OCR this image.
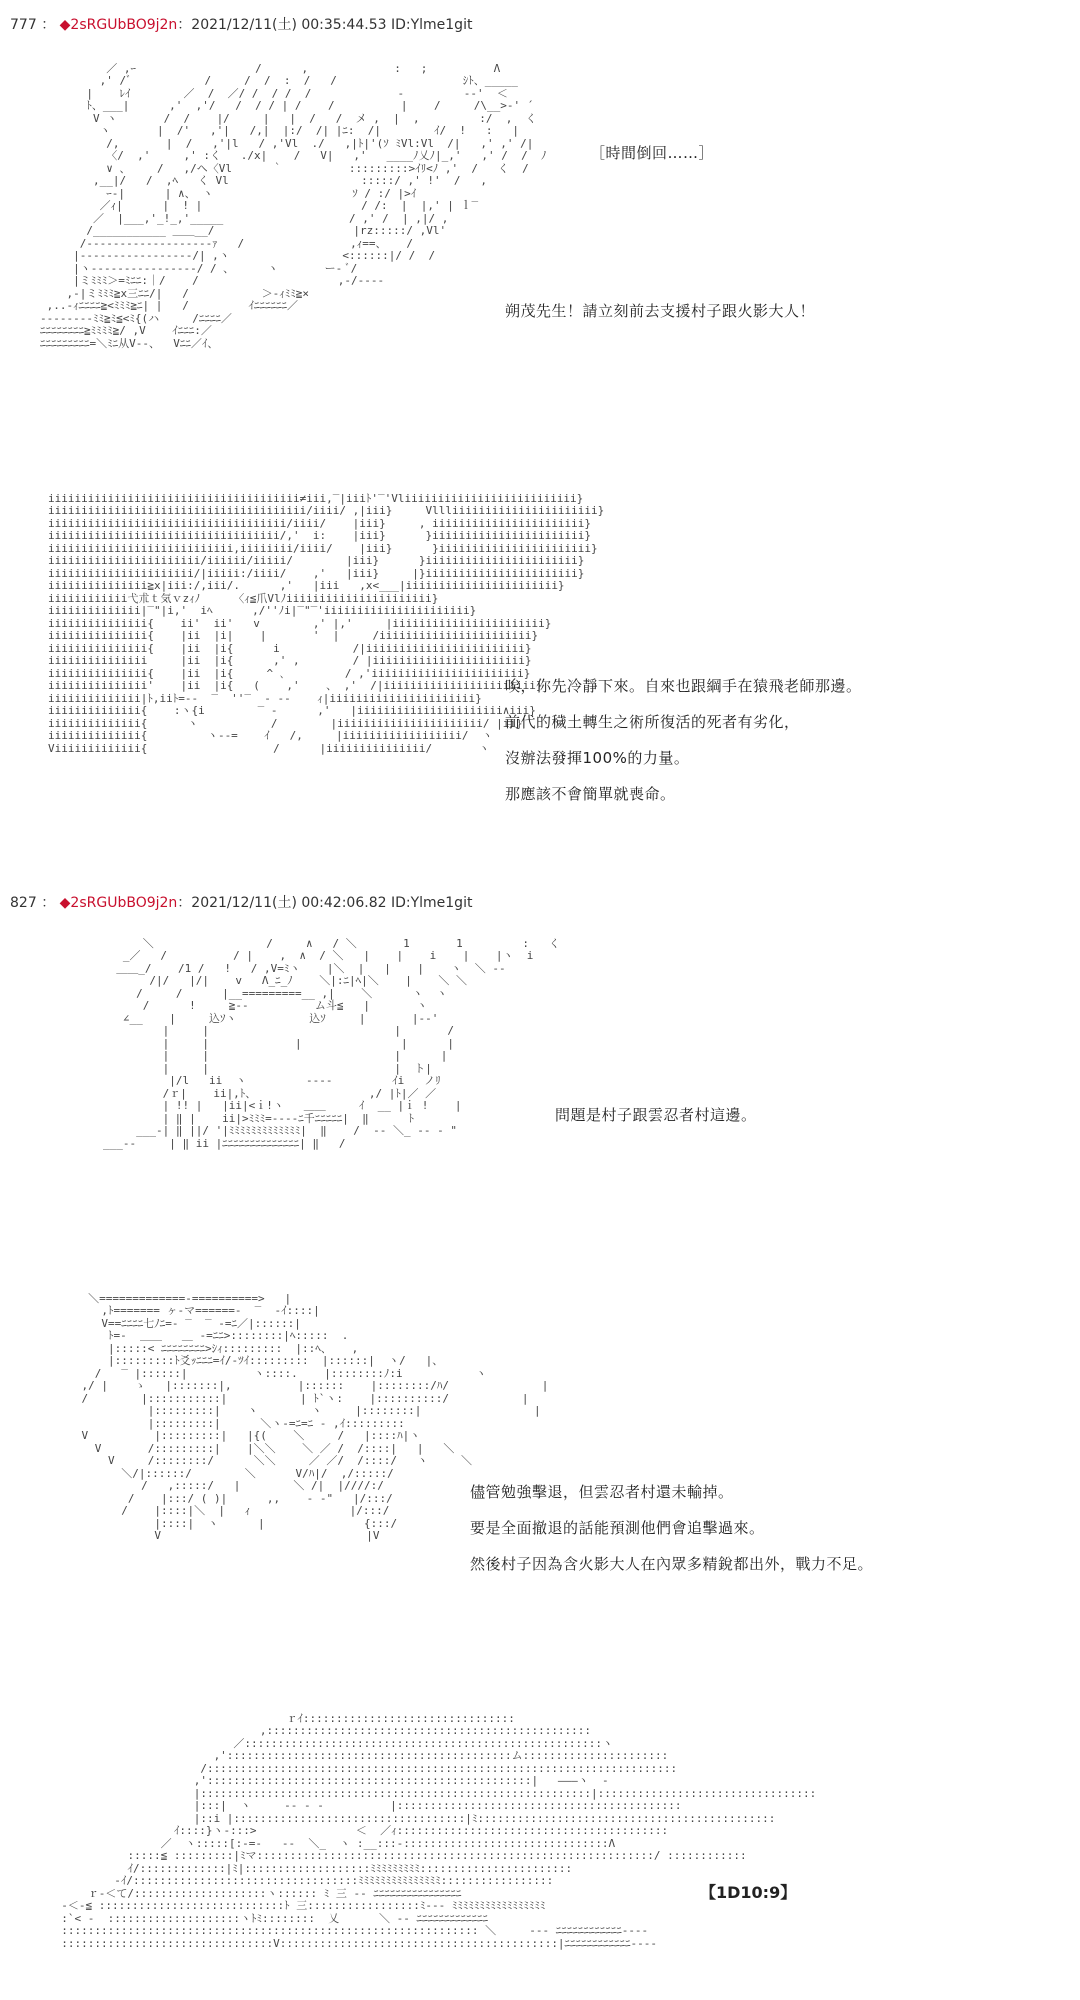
777 ： ◆2sRGUbBO9j2n：2021/12/11(土) 00:35:44.53 ID:Ylme1git

／ ,ｰ                  /      ,             :   ;          Λ
,' /ﾞ           /     /  /  :  /   /                   ｼﾄ、_____
|    ﾚｲ        ／  /  ／/ /  / /  /             -         ‐‐'  ＜
ﾄ、___|      ,'  ,'/   /  / / | /    /          |    /     /\__>-' ´
V ヽ       /  /    |/     |   |  /   /  メ ,  |  ,         :/  ,  く
ヽ       |  /'   ,'|   /,|  |:/  /| |ﾆ:  /|        ｲ/  !   :   |
/,       |  /   ,'|l   / ,'Vl  ./   ,|ﾄ|'(ｿ ﾐVl:Vl  /|   ,' ,' /|
〈/  ,'     ,' :く   ./x|    /   V|   ,'   ____ﾉ乂ﾉ|_,'   ,' /  /  ﾉ
∨ 、    /   ,/ヘ〈Vl      ｀          :::::::::>ｲﾘ<ﾉ ,'  /   く  /
,__|/   /  ,ﾍ   く Vl                    :::::/ ,' !'  /   ,
ｰ-|      | ∧、 ヽ                     ｿ / :/ |>ｲ
／ｨ|      |  ! |                        / /:  |  |,' | ｌ‾
／  |___,'_!_,'_____                   / ,' /  | ,|/ ,
/___________ ＿＿__/                     |rz:::::/ ,Vl'
/‐‐‐‐‐‐‐‐‐‐‐‐‐‐‐‐‐‐‐ｧ   /                ,ｨ==、   /
|‐‐‐‐‐‐‐‐‐‐‐‐‐‐‐‐‐/| ,ヽ                 <::::::|/ /  /
|ヽ‐‐‐‐‐‐‐‐‐‐‐‐‐‐‐‐/ / 、     ヽ       ー‐ ﾞ/
|ミﾐﾐﾐ＞=ﾐﾆﾆ:｜/    /                     ,‐/‐‐‐‐
,-|ミﾐﾐﾐ≧x三ﾆﾆ/|   /           ＞-ｨﾐﾐ≧×
,..-ｨﾆﾆﾆﾆ≧<ﾐﾐﾐ≧ﾆ| |   /         ｲﾆﾆﾆﾆﾆﾆ／
‐‐‐‐‐‐‐‐ﾐﾐ≧ﾐ≦<ﾐ{(ハ     /ﾆﾆﾆﾆ／
ﾆﾆﾆﾆﾆﾆﾆﾆ≧ﾐﾐﾐﾐ≧/ ,V    ｲﾆﾆﾆ:／
ﾆﾆﾆﾆﾆﾆﾆﾆﾆ=＼ﾐﾆ从V‐-、  Vﾆﾆ／ｲ、

［時間倒回……］
朔茂先生！請立刻前去支援村子跟火影大人！

iiiiiiiiiiiiiiiiiiiiiiiiiiiiiiiiiiiiii≠iii,‾|iiiﾄ'‾'Vliiiiiiiiiiiiiiiiiiiiiiiiii}
iiiiiiiiiiiiiiiiiiiiiiiiiiiiiiiiiiiiiii/iiii/ ,|iii}     Vllliiiiiiiiiiiiiiiiiiiiii}
iiiiiiiiiiiiiiiiiiiiiiiiiiiiiiiiiiii/iiii/    |iii}     , iiiiiiiiiiiiiiiiiiiiiii}
iiiiiiiiiiiiiiiiiiiiiiiiiiiiiiiiiii/,'  i:    |iii}      }iiiiiiiiiiiiiiiiiiiiiii}
iiiiiiiiiiiiiiiiiiiiiiiiiiii,iiiiiiii/iiii/    |iii}      }iiiiiiiiiiiiiiiiiiiiiii}
iiiiiiiiiiiiiiiiiiiiiii/iiiiii/iiiii/        |iii}      }iiiiiiiiiiiiiiiiiiiiiii}
iiiiiiiiiiiiiiiiiiiiii/|iiiii:/iiii/    ,'   |iii}     |}iiiiiiiiiiiiiiiiiiiiiii}
iiiiiiiiiiiiiii≧x|iii:/,iii/.      ,'   |iii   ,x<___|iiiiiiiiiiiiiiiiiiiiiii}
iiiiiiiiiiii弋朮ｔ気ｖzｨﾉ     〈ｨ≦爪Vlﾉiiiiiiiiiiiiiiiiiiiiii}
iiiiiiiiiiiiii|‾"|i,'  iﾍ      ,/''ﾉi|‾"‾'iiiiiiiiiiiiiiiiiiiiii}
iiiiiiiiiiiiiii{    ii'  ii'   v        ,' |,'     |iiiiiiiiiiiiiiiiiiiiiii}
iiiiiiiiiiiiiii{    |ii  |i|    |       '  |     /iiiiiiiiiiiiiiiiiiiiiii}
iiiiiiiiiiiiiii{    |ii  |i{      i           /|iiiiiiiiiiiiiiiiiiiiiiii}
iiiiiiiiiiiiiii     |ii  |i{      ,' ,        / |iiiiiiiiiiiiiiiiiiiiiii}
iiiiiiiiiiiiiii{    |ii  |i{     ^ ､         / ,'iiiiiiiiiiiiiiiiiiiiiii}
iiiiiiiiiiiiiii'    |ii  |i{   (    ,'    、 ,'  /|iiiiiiiiiiiiiiiiiiiiiii}
iiiiiiiiiiiiii|ﾄ,iiﾄ=‐‐  ‾  ''‾  ‐ ‐-    ｨ|iiiiiiiiiiiiiiiiiiiiii}
iiiiiiiiiiiiii{    :ヽ{i        ‾ ‐      ,'   |iiiiiiiiiiiiiiiiiiiiii∧iii}
iiiiiiiiiiiiii{      ヽ           /        |iiiiiiiiiiiiiiiiiiiiii/ |ii}
iiiiiiiiiiiiii{         ヽ--=    ｲ   /,     |iiiiiiiiiiiiiiiiii/  ヽ
Viiiiiiiiiiiii{                   /      |iiiiiiiiiiiiiii/       ヽ

唉，你先冷靜下來。自來也跟綱手在猿飛老師那邊。
前代的穢土轉生之術所復活的死者有劣化，
沒辦法發揮100%的力量。
那應該不會簡單就喪命。
827 ： ◆2sRGUbBO9j2n：2021/12/11(土) 00:42:06.82 ID:Ylme1git

＼                 /     ∧   / ＼       1       1         :   く
_／   /          / |    ,  ∧  / ＼   |    |    i    |    |ヽ  i
＿＿_/    /1 /   !   / ,V=ﾐヽ    |＼  |   |    |    ヽ  ＼ ‐‐
/|/   |/|    v   Λ_ﾆ_ﾉ    ＼|:ﾆ|ﾍ|＼    |    ＼ ＼
/     /      |__=========__ ,|    ＼      ヽ  ヽ
/      !     ≧‐‐          ム斗≦   |       ヽ
∠__    |     込ｿヽ           込ｿ     |       |‐‐'
|     |                            |       /
|     |             |               |      |
|     |                            |      |
|     |                            |  ト|
|/l   ii  ヽ         ‐‐‐‐         ｲi   ノﾘ
/ｒ|    ii|,ﾄ、                 ,/ |ﾄ|／ ／
| !! |   |ii|<ｉ!ヽ   ＿＿     ｲ  __ |ｉ !    |
| ‖ |    ii|>ﾐﾐﾐ=‐‐‐‐ﾆ千ﾆﾆﾆﾆﾆ|  ‖      ﾄ
___-| ‖ ||/ '|ﾐﾐﾐﾐﾐﾐﾐﾐﾐﾐﾐﾐﾐ|  ‖    /  ‐‐ ＼_ ‐‐ ‐ "
___--     | ‖ ii |ﾆﾆﾆﾆﾆﾆﾆﾆﾆﾆﾆﾆﾆﾆ| ‖   /

問題是村子跟雲忍者村這邊。

＼=============-==========>   |
,ﾄ======= ヶ-マ======-  ‾  ‐ｲ::::|
V==ﾆﾆﾆﾆ七ﾉﾆ=- ‾  ‾ ‐=ﾆ／|::::::|
ﾄ=-  ＿＿   ＿ -=ﾆﾆ>::::::::|ﾍ:::::  .
|:::::< ﾆﾆﾆﾆﾆﾆﾆﾆ>ｼｨ:::::::::  |::ﾍ、   ,
|:::::::::ﾄ爻ｯﾆﾆﾆ=ｲ/-ﾂｲ:::::::::  |::::::|  ヽ/   |、
/   ‾ |::::::|          ヽ::::.    |::::::::ﾉ:i           ヽ
,/ |    ゝ   |:::::::|,          |::::::    |::::::::/ﾊ/              |
/        |:::::::::::|           | ﾄ`ヽ:    |::::::::::/           |
|:::::::::|    ヽ        ヽ     |::::::::|                 |
|:::::::::|      ＼ヽ-=ﾆ=ﾆ - ,ｲ:::::::::
V          |:::::::::|   |{(    ＼     /   |::::ﾊ|ヽ
V       /:::::::::|    |＼＼    ＼ ／ /  /::::|   |   ＼
V     /::::::::/      ＼＼     ／ ／/  /::::/   ヽ     ＼
＼/|::::::/        ＼      V/ﾊ|/  ,/:::::/
/   ,:::::/   |        ＼ /|  |////:/
/    |:::/ ( )|      ,,    ‐ ‐"   |/:::/
/    |::::|＼  |   ｨ               |/:::/
|::::|  ヽ      |               {:::/
V                               |V

儘管勉強擊退，但雲忍者村還未輸掉。
要是全面撤退的話能預測他們會追擊過來。
然後村子因為含火影大人在內眾多精銳都出外，戰力不足。

ｒｲ::::::::::::::::::::::::::::::::
,:::::::::::::::::::::::::::::::::::::::::::::::::
／::::::::::::::::::::::::::::::::::::::::::::::::::::::ヽ
,':::::::::::::::::::::::::::::::::::::::::::ム::::::::::::::::::::::
/:::::::::::::::::::::::::::::::::::::::::::::::::::::::::::::::::::::::
,':::::::::::::::::::::::::::::::::::::::::::::::::|   ―――ヽ  ‐
|:::::::::::::::::::::::::::::::::::::::::::::::::::::::::::|:::::::::::::::::::::::::::::::::
|:::|  ヽ     ‐‐ ‐ -          |:::::::::::::::::::::::::::::::::::::::::::
|::i |:::::::::::::::::::::::::::::::::::|ﾐ:::::::::::::::::::::::::::::::::::::::::::::
ｲ::::}ヽ‐:::>               ＜  ／ｨ:::::::::::::::::::::::::::::::::::::::::
／  ヽ:::::[:-=-   ‐‐  ＼_  ヽ :__:::-:::::::::::::::::::::::::::::::Λ
:::::≦ :::::::::|ﾐマ::::::::::::::::::::::::::::::::::::::::::::::::::::::::::::/ ::::::::::::
ｲ/:::::::::::::|ﾐ|:::::::::::::::::::ﾐﾐﾐﾐﾐﾐﾐﾐﾐ:::::::::::::::::::::::
-ｲ/::::::::::::::::::::::::::::::::::ﾐﾐﾐﾐﾐﾐﾐﾐﾐﾐﾐﾐﾐﾐﾐ:::::::::::::::::
ｒ-＜て/::::::::::::::::::::ヽ:::::: ﾐ 三 ‐‐ ﾆﾆﾆﾆﾆﾆﾆﾆﾆﾆﾆﾆﾆﾆﾆﾆ
‐＜‐≦ ::::::::::::::::::::::::::::ﾄ 三:::::::::::::::::ﾐ‐‐‐ ﾐﾐﾐﾐﾐﾐﾐﾐﾐﾐﾐﾐﾐﾐﾐﾐﾐ
:`< ‐  ::::::::::::::::::::ヽﾄﾐ::::::::  乂      ＼ ‐‐ ﾆﾆﾆﾆﾆﾆﾆﾆﾆﾆﾆﾆﾆ
::::::::::::::::::::::::::::::::::::::::::::::::::::::::::::::: ＼     ‐‐‐ ﾆﾆﾆﾆﾆﾆﾆﾆﾆﾆﾆﾆ‐‐‐‐
::::::::::::::::::::::::::::::::V::::::::::::::::::::::::::::::::::::::::::|ﾆﾆﾆﾆﾆﾆﾆﾆﾆﾆﾆﾆ‐‐‐‐

【1D10:9】
